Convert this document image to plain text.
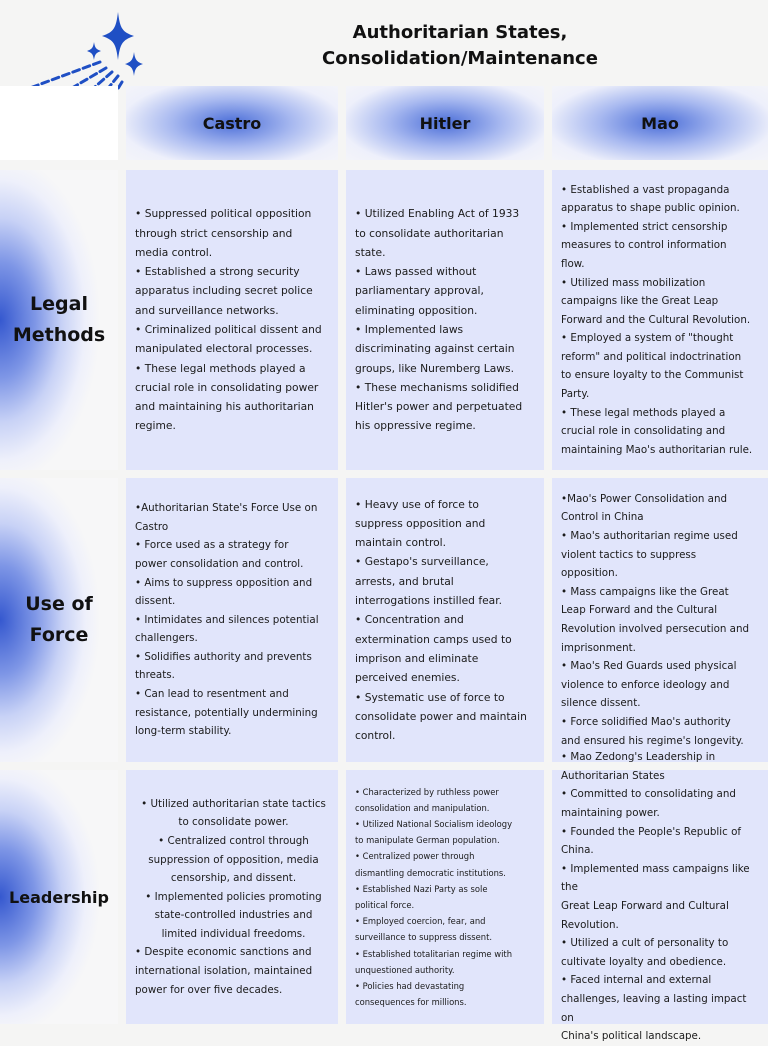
Authoritarian States,
Consolidation/Maintenance
Castro	Hitler	Mao
Legal
Methods
Use of
Force
Leadership

• Suppressed political opposition

through strict censorship and

media control.

• Established a strong security

apparatus including secret police

and surveillance networks.

• Criminalized political dissent and

manipulated electoral processes.

• These legal methods played a

crucial role in consolidating power

and maintaining his authoritarian

regime.

• Utilized Enabling Act of 1933

to consolidate authoritarian

state.

• Laws passed without

parliamentary approval,

eliminating opposition.

• Implemented laws

discriminating against certain

groups, like Nuremberg Laws.

• These mechanisms solidified

Hitler's power and perpetuated

his oppressive regime.

• Established a vast propaganda

apparatus to shape public opinion.

• Implemented strict censorship

measures to control information

flow.

• Utilized mass mobilization

campaigns like the Great Leap

Forward and the Cultural Revolution.

• Employed a system of "thought

reform" and political indoctrination

to ensure loyalty to the Communist

Party.

• These legal methods played a

crucial role in consolidating and

maintaining Mao's authoritarian rule.

•Authoritarian State's Force Use on

Castro

• Force used as a strategy for

power consolidation and control.

• Aims to suppress opposition and

dissent.

• Intimidates and silences potential

challengers.

• Solidifies authority and prevents

threats.

• Can lead to resentment and

resistance, potentially undermining

long-term stability.

• Heavy use of force to

suppress opposition and

maintain control.

• Gestapo's surveillance,

arrests, and brutal

interrogations instilled fear.

• Concentration and

extermination camps used to

imprison and eliminate

perceived enemies.

• Systematic use of force to

consolidate power and maintain

control.

•Mao's Power Consolidation and

Control in China

• Mao's authoritarian regime used

violent tactics to suppress

opposition.

• Mass campaigns like the Great

Leap Forward and the Cultural

Revolution involved persecution and

imprisonment.

• Mao's Red Guards used physical

violence to enforce ideology and

silence dissent.

• Force solidified Mao's authority

and ensured his regime's longevity.

• Utilized authoritarian state tactics

to consolidate power.

• Centralized control through

suppression of opposition, media

censorship, and dissent.

• Implemented policies promoting

state-controlled industries and

limited individual freedoms.

• Despite economic sanctions and

international isolation, maintained

power for over five decades.

• Characterized by ruthless power

consolidation and manipulation.

• Utilized National Socialism ideology

to manipulate German population.

• Centralized power through

dismantling democratic institutions.

• Established Nazi Party as sole

political force.

• Employed coercion, fear, and

surveillance to suppress dissent.

• Established totalitarian regime with

unquestioned authority.

• Policies had devastating

consequences for millions.

• Mao Zedong's Leadership in

Authoritarian States

• Committed to consolidating and

maintaining power.

• Founded the People's Republic of

China.

• Implemented mass campaigns like the

Great Leap Forward and Cultural

Revolution.

• Utilized a cult of personality to

cultivate loyalty and obedience.

• Faced internal and external

challenges, leaving a lasting impact on

China's political landscape.
